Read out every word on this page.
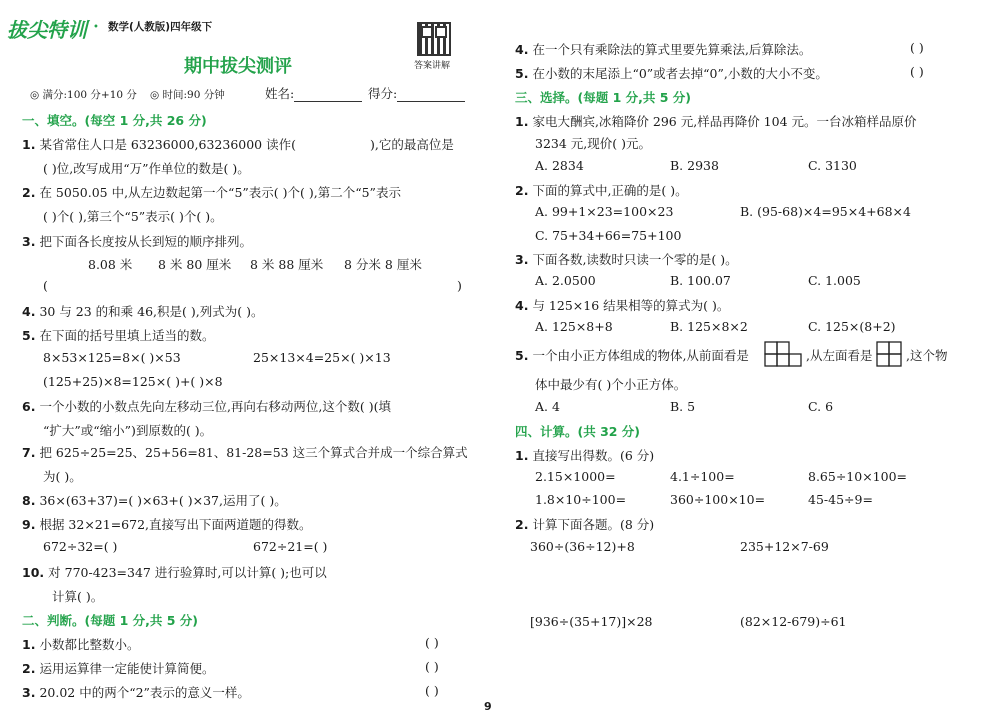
拔尖特训 • 数学(人教版)四年级下
答案讲解
期中拔尖测评
◎ 满分:100 分+10 分 ◎ 时间:90 分钟	姓名:	得分:
一、填空。(每空 1 分,共 26 分)
1. 某省常住人口是 63236000,63236000 读作(	),它的最高位是
( )位,改写成用“万”作单位的数是( )。
2. 在 5050.05 中,从左边数起第一个“5”表示( )个( ),第二个“5”表示
( )个( ),第三个“5”表示( )个( )。
3. 把下面各长度按从长到短的顺序排列。
8.08 米 8 米 80 厘米 8 米 88 厘米 8 分米 8 厘米
(	)
4. 30 与 23 的和乘 46,积是( ),列式为( )。
5. 在下面的括号里填上适当的数。
8×53×125=8×( )×53	25×13×4=25×( )×13
(125+25)×8=125×( )+( )×8
6. 一个小数的小数点先向左移动三位,再向右移动两位,这个数( )(填
“扩大”或“缩小”)到原数的( )。
7. 把 625÷25=25、25+56=81、81-28=53 这三个算式合并成一个综合算式
为( )。
8. 36×(63+37)=( )×63+( )×37,运用了( )。
9. 根据 32×21=672,直接写出下面两道题的得数。
672÷32=( )	672÷21=( )
10. 对 770-423=347 进行验算时,可以计算( );也可以
计算( )。
二、判断。(每题 1 分,共 5 分)
1. 小数都比整数小。	( )
2. 运用运算律一定能使计算简便。	( )
3. 20.02 中的两个“2”表示的意义一样。	( )
4. 在一个只有乘除法的算式里要先算乘法,后算除法。	( )
5. 在小数的末尾添上“0”或者去掉“0”,小数的大小不变。	( )
三、选择。(每题 1 分,共 5 分)
1. 家电大酬宾,冰箱降价 296 元,样品再降价 104 元。一台冰箱样品原价
3234 元,现价( )元。
A. 2834	B. 2938	C. 3130
2. 下面的算式中,正确的是( )。
A. 99+1×23=100×23	B. (95-68)×4=95×4+68×4
C. 75+34+66=75+100
3. 下面各数,读数时只读一个零的是( )。
A. 2.0500	B. 100.07	C. 1.005
4. 与 125×16 结果相等的算式为( )。
A. 125×8+8	B. 125×8×2	C. 125×(8+2)
5. 一个由小正方体组成的物体,从前面看是	,从左面看是	,这个物
体中最少有( )个小正方体。
A. 4	B. 5	C. 6
四、计算。(共 32 分)
1. 直接写出得数。(6 分)
2.15×1000=	4.1÷100=	8.65÷10×100=
1.8×10÷100=	360÷100×10=	45-45÷9=
2. 计算下面各题。(8 分)
360÷(36÷12)+8	235+12×7-69
[936÷(35+17)]×28	(82×12-679)÷61
9
